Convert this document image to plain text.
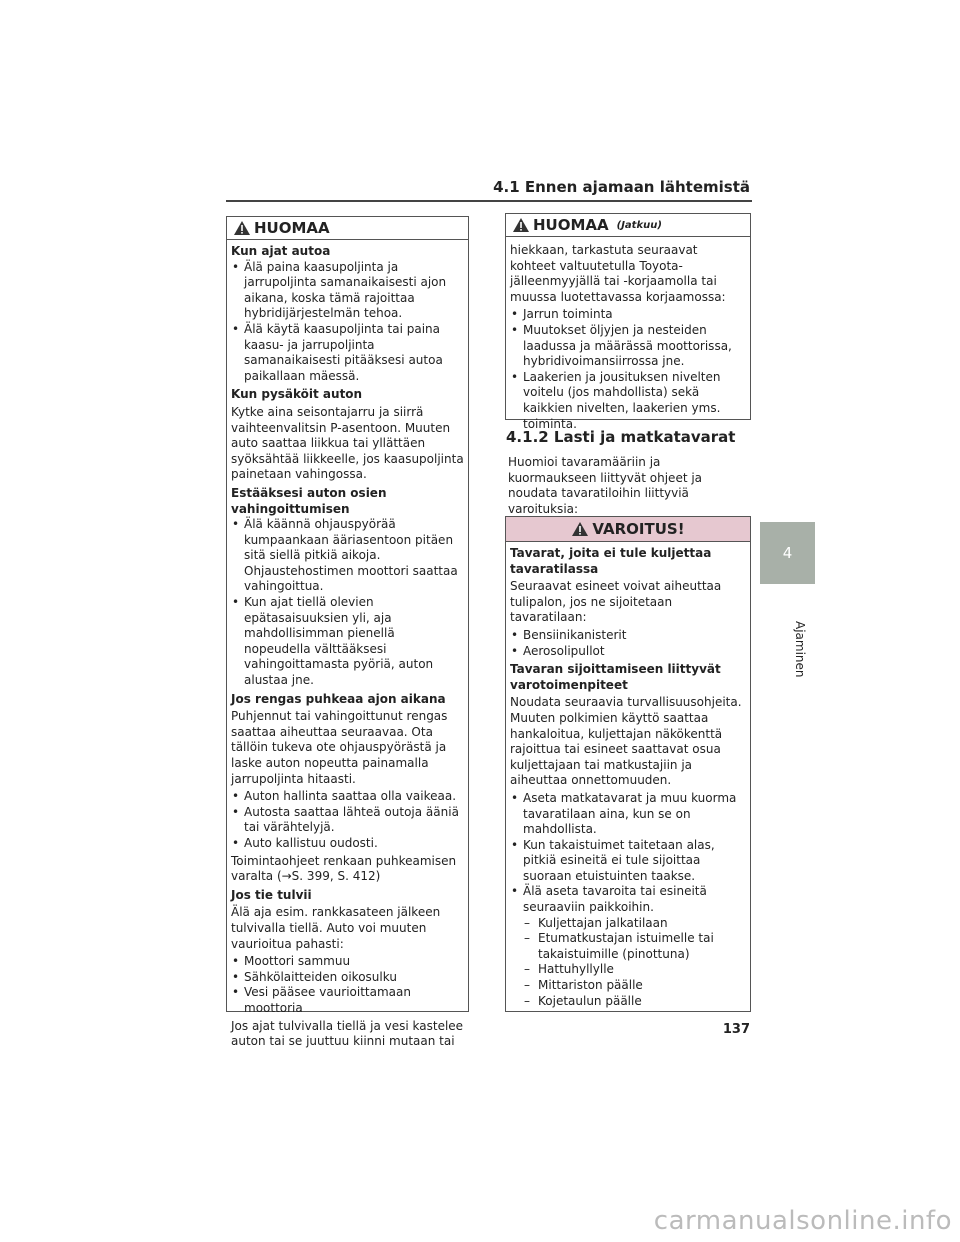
4.1 Ennen ajamaan lähtemistä
HUOMAA
Kun ajat autoa
• Älä paina kaasupoljinta ja jarrupoljinta samanaikaisesti ajon aikana, koska tämä rajoittaa hybridijärjestelmän tehoa.
• Älä käytä kaasupoljinta tai paina kaasu- ja jarrupoljinta samanaikaisesti pitääksesi autoa paikallaan mäessä.
Kun pysäköit auton

Kytke aina seisontajarru ja siirrä vaihteenvalitsin P-asentoon. Muuten auto saattaa liikkua tai yllättäen syöksähtää liikkeelle, jos kaasupoljinta painetaan vahingossa.

Estääksesi auton osien vahingoittumisen
• Älä käännä ohjauspyörää kumpaankaan ääriasentoon pitäen sitä siellä pitkiä aikoja. Ohjaustehostimen moottori saattaa vahingoittua.
• Kun ajat tiellä olevien epätasaisuuksien yli, aja mahdollisimman pienellä nopeudella välttääksesi vahingoittamasta pyöriä, auton alustaa jne.
Jos rengas puhkeaa ajon aikana

Puhjennut tai vahingoittunut rengas saattaa aiheuttaa seuraavaa. Ota tällöin tukeva ote ohjauspyörästä ja laske auton nopeutta painamalla jarrupoljinta hitaasti.

• Auton hallinta saattaa olla vaikeaa.
• Autosta saattaa lähteä outoja ääniä tai värähtelyjä.
• Auto kallistuu oudosti.

Toimintaohjeet renkaan puhkeamisen varalta (→S. 399, S. 412)

Jos tie tulvii

Älä aja esim. rankkasateen jälkeen tulvivalla tiellä. Auto voi muuten vaurioitua pahasti:

• Moottori sammuu
• Sähkölaitteiden oikosulku
• Vesi pääsee vaurioittamaan moottoria

Jos ajat tulvivalla tiellä ja vesi kastelee auton tai se juuttuu kiinni mutaan tai

HUOMAA (Jatkuu)

hiekkaan, tarkastuta seuraavat kohteet valtuutetulla Toyota-jälleenmyyjällä tai -korjaamolla tai muussa luotettavassa korjaamossa:

• Jarrun toiminta
• Muutokset öljyjen ja nesteiden laadussa ja määrässä moottorissa, hybridivoimansiirrossa jne.
• Laakerien ja jousituksen nivelten voitelu (jos mahdollista) sekä kaikkien nivelten, laakerien yms. toiminta.
4.1.2 Lasti ja matkatavarat
Huomioi tavaramääriin ja kuormaukseen liittyvät ohjeet ja noudata tavaratiloihin liittyviä varoituksia:
VAROITUS!
Tavarat, joita ei tule kuljettaa tavaratilassa

Seuraavat esineet voivat aiheuttaa tulipalon, jos ne sijoitetaan tavaratilaan:

• Bensiinikanisterit
• Aerosolipullot
Tavaran sijoittamiseen liittyvät varotoimenpiteet

Noudata seuraavia turvallisuusohjeita. Muuten polkimien käyttö saattaa hankaloitua, kuljettajan näkökenttä rajoittua tai esineet saattavat osua kuljettajaan tai matkustajiin ja aiheuttaa onnettomuuden.

• Aseta matkatavarat ja muu kuorma tavaratilaan aina, kun se on mahdollista.
• Kun takaistuimet taitetaan alas, pitkiä esineitä ei tule sijoittaa suoraan etuistuinten taakse.
• Älä aseta tavaroita tai esineitä seuraaviin paikkoihin.
– Kuljettajan jalkatilaan
– Etumatkustajan istuimelle tai takaistuimille (pinottuna)
– Hattuhyllylle
– Mittariston päälle
– Kojetaulun päälle
4
Ajaminen
137
carmanualsonline.info
